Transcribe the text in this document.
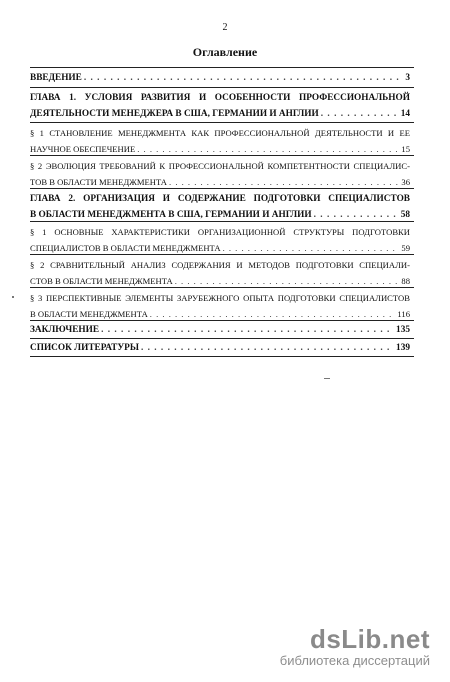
2
Оглавление
ВВЕДЕНИЕ . . .	3
ГЛАВА 1. УСЛОВИЯ РАЗВИТИЯ И ОСОБЕННОСТИ ПРОФЕССИОНАЛЬНОЙ
ДЕЯТЕЛЬНОСТИ МЕНЕДЖЕРА В США, ГЕРМАНИИ И АНГЛИИ . . .	14
§ 1 СТАНОВЛЕНИЕ МЕНЕДЖМЕНТА КАК ПРОФЕССИОНАЛЬНОЙ ДЕЯТЕЛЬНОСТИ И ЕЕ
НАУЧНОЕ ОБЕСПЕЧЕНИЕ . . .	15
§ 2 ЭВОЛЮЦИЯ ТРЕБОВАНИЙ К ПРОФЕССИОНАЛЬНОЙ КОМПЕТЕНТНОСТИ СПЕЦИАЛИС-
ТОВ В ОБЛАСТИ МЕНЕДЖМЕНТА . . .	36
ГЛАВА 2. ОРГАНИЗАЦИЯ И СОДЕРЖАНИЕ ПОДГОТОВКИ СПЕЦИАЛИСТОВ
В ОБЛАСТИ МЕНЕДЖМЕНТА В США, ГЕРМАНИИ И АНГЛИИ . . .	58
§ 1 ОСНОВНЫЕ ХАРАКТЕРИСТИКИ ОРГАНИЗАЦИОННОЙ СТРУКТУРЫ ПОДГОТОВКИ
СПЕЦИАЛИСТОВ В ОБЛАСТИ МЕНЕДЖМЕНТА . . .	59
§ 2 СРАВНИТЕЛЬНЫЙ АНАЛИЗ СОДЕРЖАНИЯ И МЕТОДОВ ПОДГОТОВКИ СПЕЦИАЛИ-
СТОВ В ОБЛАСТИ МЕНЕДЖМЕНТА . . .	88
§ 3 ПЕРСПЕКТИВНЫЕ ЭЛЕМЕНТЫ ЗАРУБЕЖНОГО ОПЫТА ПОДГОТОВКИ СПЕЦИАЛИСТОВ
В ОБЛАСТИ МЕНЕДЖМЕНТА . . .	116
ЗАКЛЮЧЕНИЕ . . .	135
СПИСОК ЛИТЕРАТУРЫ . . .	139
dsLib.net
библиотека диссертаций
